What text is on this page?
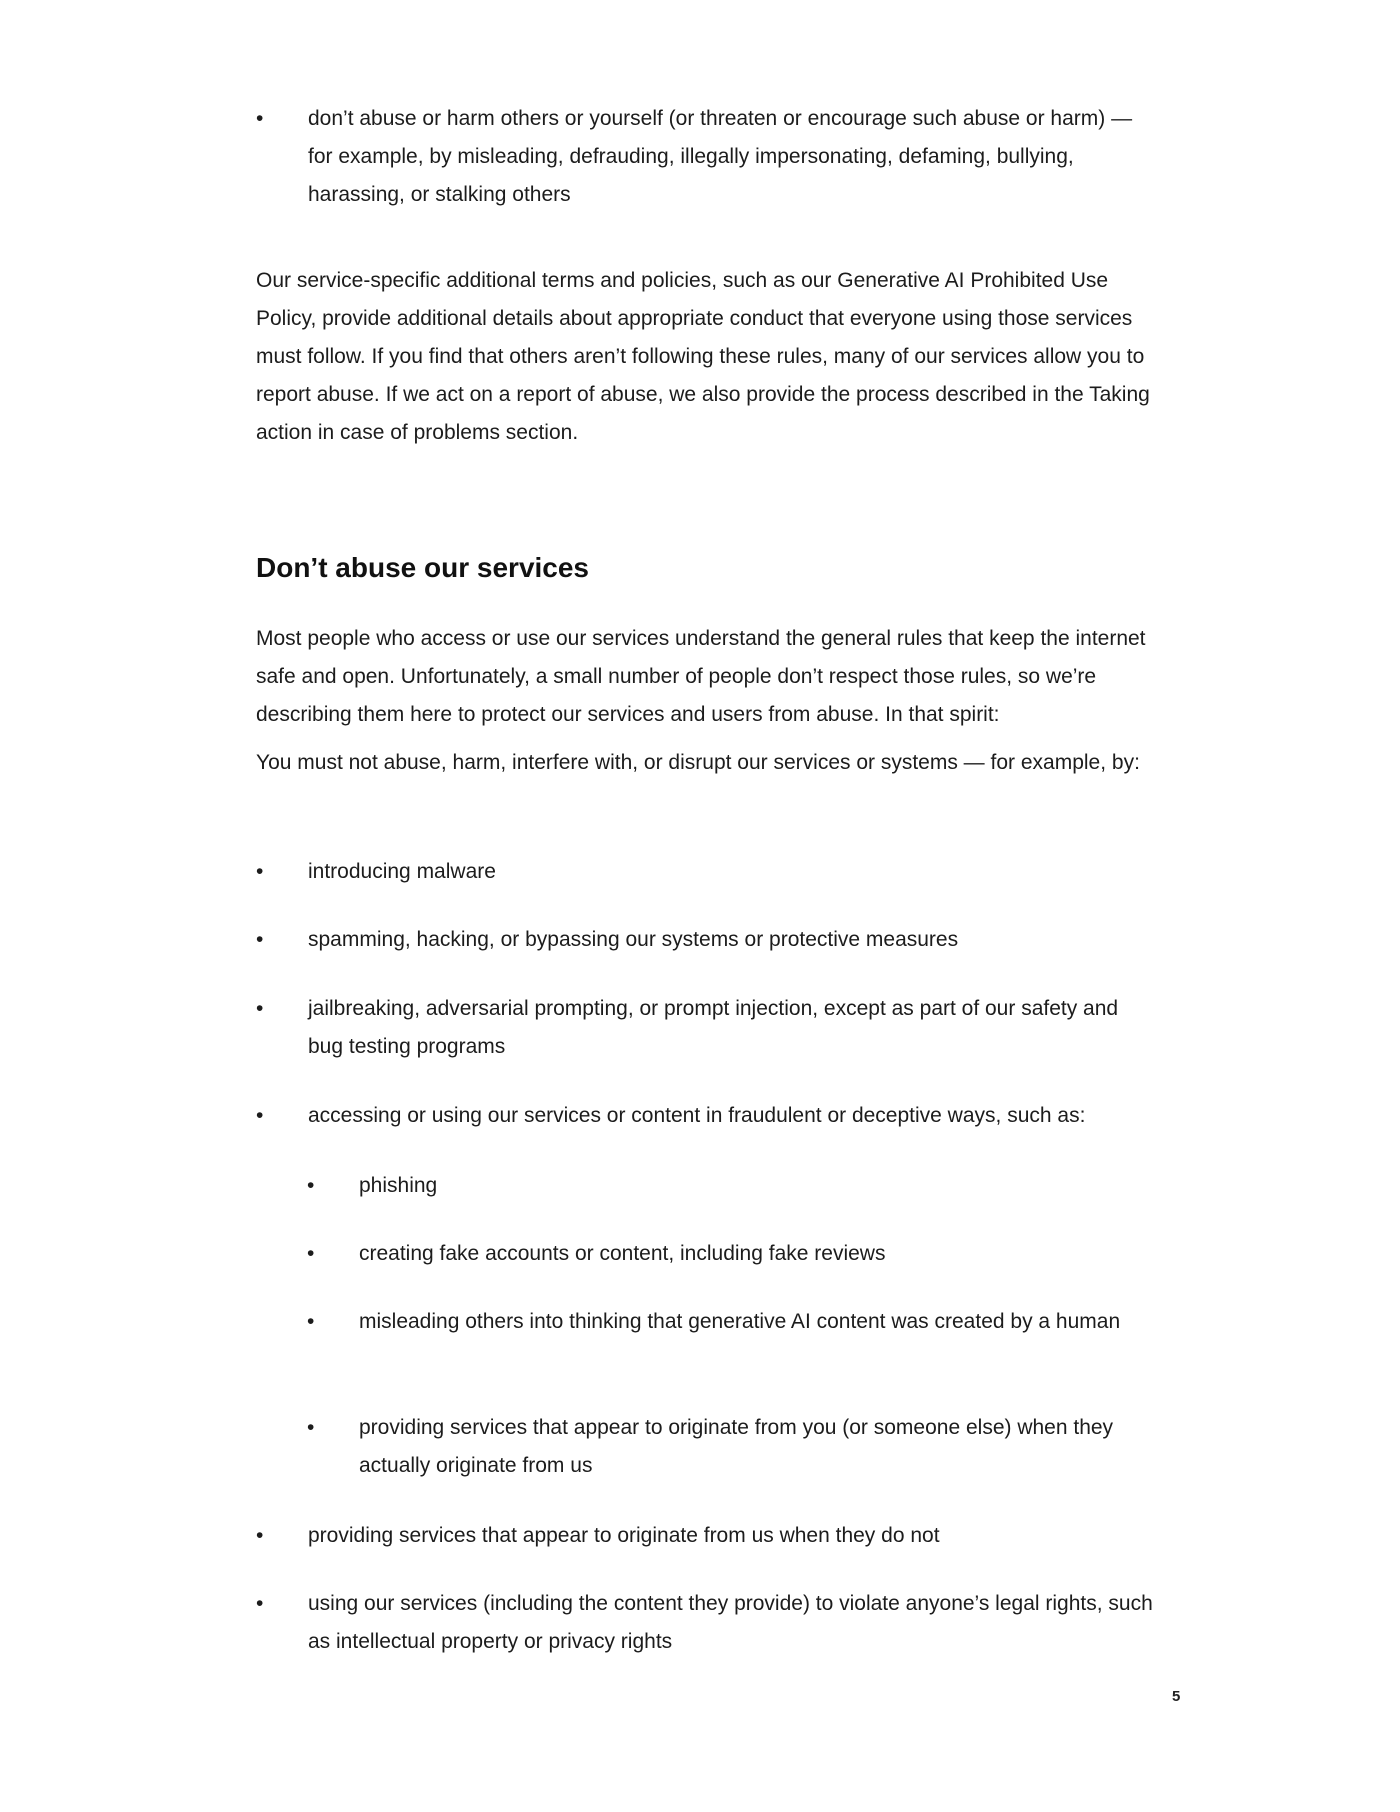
•	don’t abuse or harm others or yourself (or threaten or encourage such abuse or harm) — for example, by misleading, defrauding, illegally impersonating, defaming, bullying, harassing, or stalking others

Our service-specific additional terms and policies, such as our Generative AI Prohibited Use Policy, provide additional details about appropriate conduct that everyone using those services must follow. If you find that others aren’t following these rules, many of our services allow you to report abuse. If we act on a report of abuse, we also provide the process described in the Taking action in case of problems section.

Don’t abuse our services

Most people who access or use our services understand the general rules that keep the internet safe and open. Unfortunately, a small number of people don’t respect those rules, so we’re describing them here to protect our services and users from abuse. In that spirit:

You must not abuse, harm, interfere with, or disrupt our services or systems — for example, by:

•	introducing malware
•	spamming, hacking, or bypassing our systems or protective measures
•	jailbreaking, adversarial prompting, or prompt injection, except as part of our safety and bug testing programs
•	accessing or using our services or content in fraudulent or deceptive ways, such as:
•	phishing
•	creating fake accounts or content, including fake reviews
•	misleading others into thinking that generative AI content was created by a human
•	providing services that appear to originate from you (or someone else) when they actually originate from us
•	providing services that appear to originate from us when they do not
•	using our services (including the content they provide) to violate anyone’s legal rights, such as intellectual property or privacy rights
5
